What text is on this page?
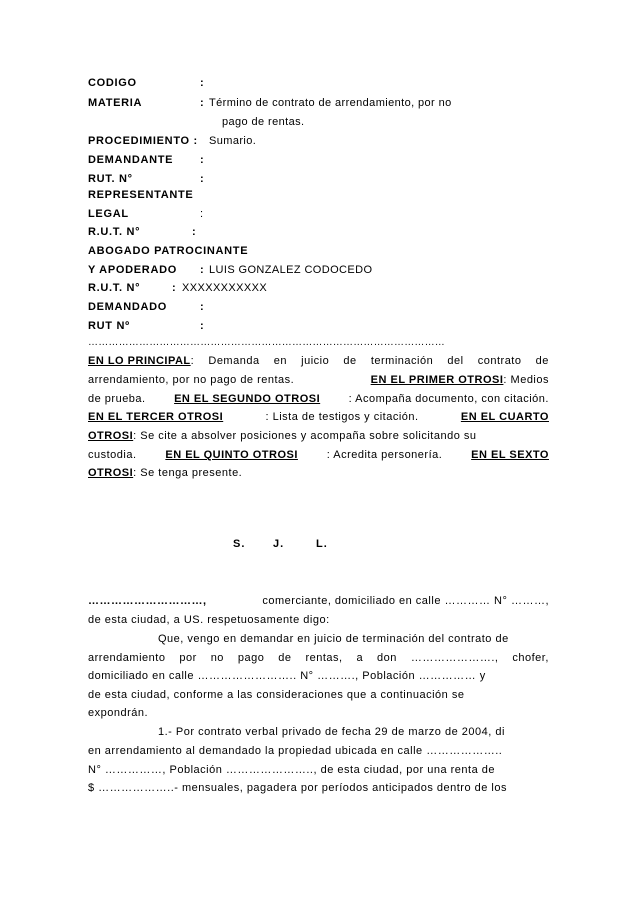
CODIGO	:
MATERIA	: Término de contrato de arrendamiento, por no
pago de rentas.
PROCEDIMIENTO : Sumario.
DEMANDANTE :
RUT. N°	:
REPRESENTANTE
LEGAL	:
R.U.T. N°	:
ABOGADO PATROCINANTE
Y APODERADO : LUIS GONZALEZ CODOCEDO
R.U.T. N°	: XXXXXXXXXXX
DEMANDADO	:
RUT Nº	:
……………………………………………………………………………………………
EN LO PRINCIPAL: Demanda en juicio de terminación del contrato de
arrendamiento, por no pago de rentas.	EN EL PRIMER OTROSI: Medios
de prueba.	EN EL SEGUNDO OTROSI	: Acompaña documento, con citación.
EN EL TERCER OTROSI	: Lista de testigos y citación.	EN EL CUARTO
OTROSI: Se cite a absolver posiciones y acompaña sobre solicitando su
custodia.	EN EL QUINTO OTROSI	: Acredita personería.	EN EL SEXTO
OTROSI: Se tenga presente.
S.	J.	L.
…………………………,	comerciante, domiciliado en calle ………… N° ………,
de esta ciudad, a US. respetuosamente digo:
Que, vengo en demandar en juicio de terminación del contrato de
arrendamiento por no pago de rentas, a don …………………., chofer,
domiciliado en calle …………………….. N° ………., Población …………… y
de esta ciudad, conforme a las consideraciones que a continuación se
expondrán.
1.- Por contrato verbal privado de fecha 29 de marzo de 2004, di
en arrendamiento al demandado la propiedad ubicada en calle ………………..
N° ……………, Población ………………….., de esta ciudad, por una renta de
$ ………………..- mensuales, pagadera por períodos anticipados dentro de los
